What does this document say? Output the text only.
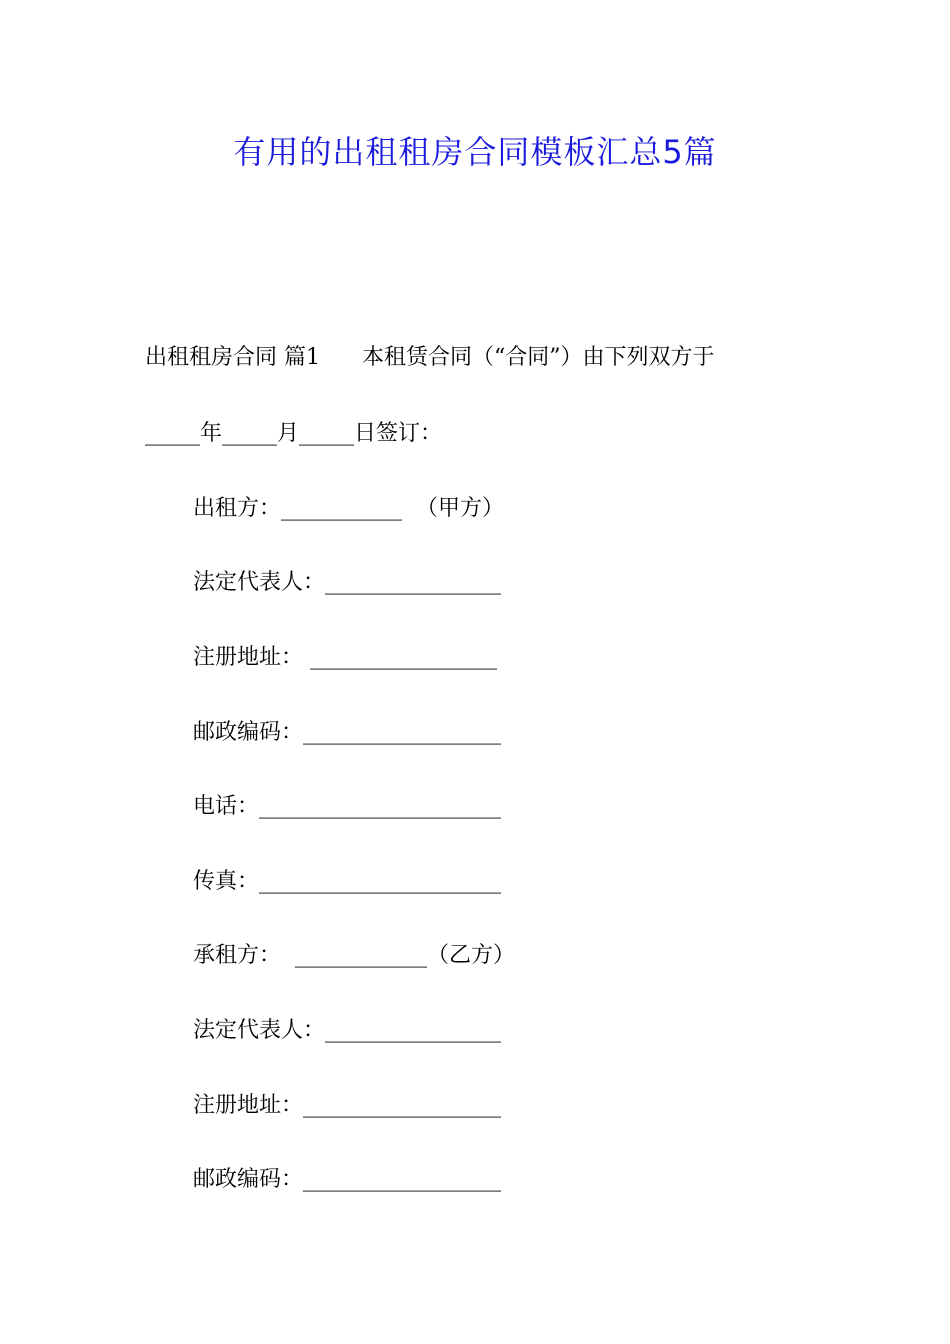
有用的出租租房合同模板汇总5篇
出租租房合同 篇1      本租赁合同（“合同”）由下列双方于
_____年_____月_____日签订：
出租方：___________  （甲方）
法定代表人：________________
注册地址： _________________
邮政编码：__________________
电话：______________________
传真：______________________
承租方：  ____________（乙方）
法定代表人：________________
注册地址：__________________
邮政编码：__________________
